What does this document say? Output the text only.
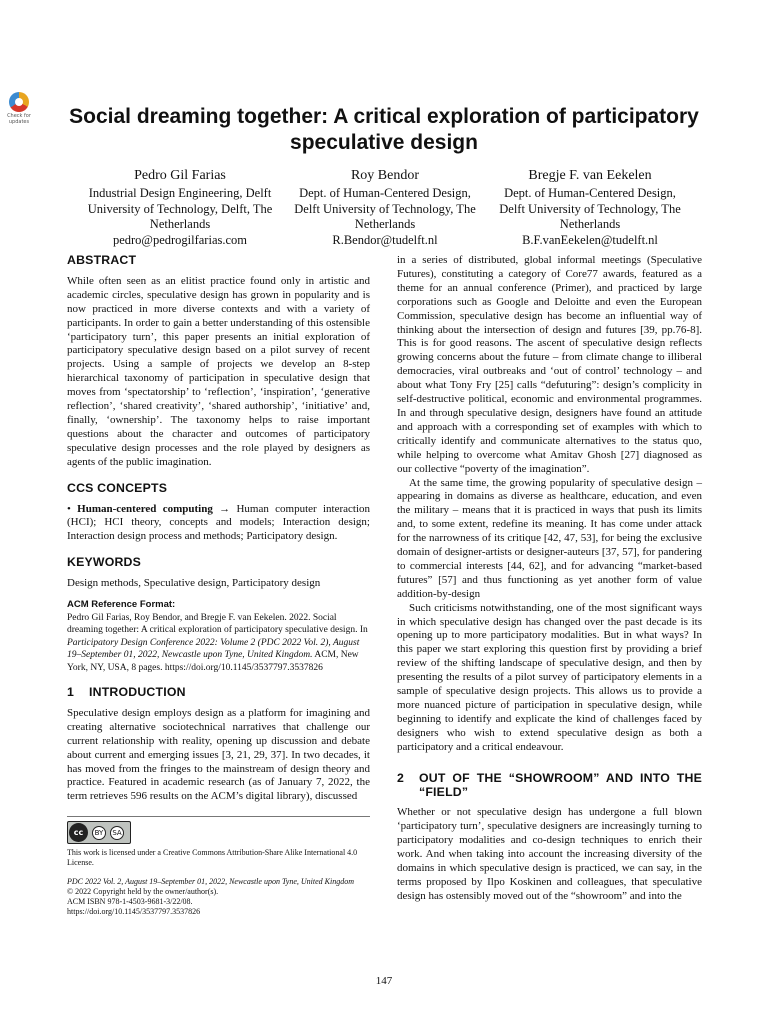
Check for updates	Social dreaming together: A critical exploration of participatory speculative design
Pedro Gil Farias
Industrial Design Engineering, Delft University of Technology, Delft, The Netherlands
pedro@pedrogilfarias.com
Roy Bendor
Dept. of Human-Centered Design, Delft University of Technology, The Netherlands
R.Bendor@tudelft.nl
Bregje F. van Eekelen
Dept. of Human-Centered Design, Delft University of Technology, The Netherlands
B.F.vanEekelen@tudelft.nl
ABSTRACT

While often seen as an elitist practice found only in artistic and academic circles, speculative design has grown in popularity and is now practiced in more diverse contexts and with a variety of participants. In order to gain a better understanding of this ostensible ‘participatory turn’, this paper presents an initial exploration of participatory speculative design based on a pilot survey of recent projects. Using a sample of projects we develop an 8-step hierarchical taxonomy of participation in speculative design that moves from ‘spectatorship’ to ‘reflection’, ‘inspiration’, ‘generative reflection’, ‘shared creativity’, ‘shared authorship’, ‘initiative’ and, finally, ‘ownership’. The taxonomy helps to raise important questions about the character and outcomes of participatory speculative design processes and the role played by designers as agents of the public imagination.

CCS CONCEPTS

• Human-centered computing → Human computer interaction (HCI); HCI theory, concepts and models; Interaction design; Interaction design process and methods; Participatory design.

KEYWORDS

Design methods, Speculative design, Participatory design

ACM Reference Format:

Pedro Gil Farias, Roy Bendor, and Bregje F. van Eekelen. 2022. Social dreaming together: A critical exploration of participatory speculative design. In Participatory Design Conference 2022: Volume 2 (PDC 2022 Vol. 2), August 19–September 01, 2022, Newcastle upon Tyne, United Kingdom. ACM, New York, NY, USA, 8 pages. https://doi.org/10.1145/3537797.3537826

1 INTRODUCTION

Speculative design employs design as a platform for imagining and creating alternative sociotechnical narratives that challenge our current relationship with reality, opening up discussion and debate about current and emerging issues [3, 21, 29, 37]. In two decades, it has moved from the fringes to the mainstream of design theory and practice. Featured in academic research (as of January 7, 2022, the term retrieves 596 results on the ACM’s digital library), discussed

cc	BY	SA
This work is licensed under a Creative Commons Attribution-Share Alike International 4.0 License.
PDC 2022 Vol. 2, August 19–September 01, 2022, Newcastle upon Tyne, United Kingdom
© 2022 Copyright held by the owner/author(s).
ACM ISBN 978-1-4503-9681-3/22/08.
https://doi.org/10.1145/3537797.3537826

in a series of distributed, global informal meetings (Speculative Futures), constituting a category of Core77 awards, featured as a theme for an annual conference (Primer), and practiced by large corporations such as Google and Deloitte and even the European Commission, speculative design has become an influential way of thinking about the intersection of design and futures [39, pp.76-8]. This is for good reasons. The ascent of speculative design reflects growing concerns about the future – from climate change to illiberal democracies, viral outbreaks and ‘out of control’ technology – and about what Tony Fry [25] calls “defuturing”: design’s complicity in self-destructive political, economic and environmental programmes. In and through speculative design, designers have found an attitude and approach with a corresponding set of examples with which to critically identify and communicate alternatives to the status quo, while helping to overcome what Amitav Ghosh [27] diagnosed as our collective “poverty of the imagination”.

At the same time, the growing popularity of speculative design – appearing in domains as diverse as healthcare, education, and even the military – means that it is practiced in ways that push its limits and, to some extent, redefine its meaning. It has come under attack for the narrowness of its critique [42, 47, 53], for being the exclusive domain of designer-artists or designer-auteurs [37, 57], for pandering to commercial interests [44, 62], and for advancing “market-based futures” [57] and thus functioning as yet another form of value addition-by-design

Such criticisms notwithstanding, one of the most significant ways in which speculative design has changed over the past decade is its opening up to more participatory modalities. But in what ways? In this paper we start exploring this question first by providing a brief review of the shifting landscape of speculative design, and then by presenting the results of a pilot survey of participatory elements in a sample of speculative design projects. This allows us to provide a more nuanced picture of participation in speculative design, while beginning to identify and explicate the kind of challenges faced by designers who wish to extend speculative design as both a participatory and a critical endeavour.

2 OUT OF THE “SHOWROOM” AND INTO THE “FIELD”

Whether or not speculative design has undergone a full blown ‘participatory turn’, speculative designers are increasingly turning to participatory modalities and co-design techniques to enrich their work. And when taking into account the increasing diversity of the domains in which speculative design is practiced, we can say, in the terms proposed by Ilpo Koskinen and colleagues, that speculative design has ostensibly moved out of the “showroom” and into the

147
